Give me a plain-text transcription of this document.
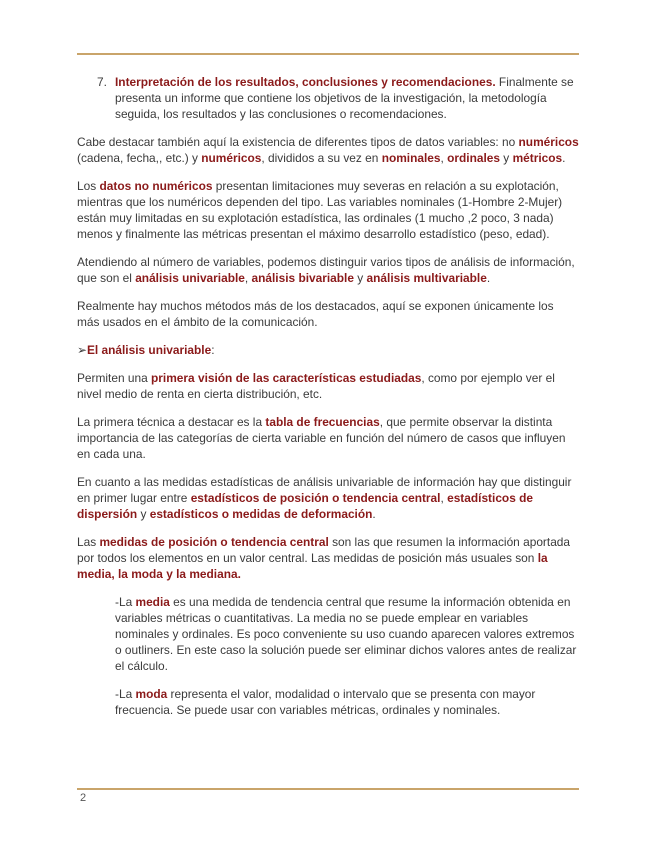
7. Interpretación de los resultados, conclusiones y recomendaciones. Finalmente se presenta un informe que contiene los objetivos de la investigación, la metodología seguida, los resultados y las conclusiones o recomendaciones.

Cabe destacar también aquí la existencia de diferentes tipos de datos variables: no numéricos (cadena, fecha,, etc.) y numéricos, divididos a su vez en nominales, ordinales y métricos.

Los datos no numéricos presentan limitaciones muy severas en relación a su explotación, mientras que los numéricos dependen del tipo. Las variables nominales (1-Hombre 2-Mujer) están muy limitadas en su explotación estadística, las ordinales (1 mucho ,2 poco, 3 nada) menos y finalmente las métricas presentan el máximo desarrollo estadístico (peso, edad).

Atendiendo al número de variables, podemos distinguir varios tipos de análisis de información, que son el análisis univariable, análisis bivariable y análisis multivariable.

Realmente hay muchos métodos más de los destacados, aquí se exponen únicamente los más usados en el ámbito de la comunicación.

➢El análisis univariable:

Permiten una primera visión de las características estudiadas, como por ejemplo ver el nivel medio de renta en cierta distribución, etc.

La primera técnica a destacar es la tabla de frecuencias, que permite observar la distinta importancia de las categorías de cierta variable en función del número de casos que influyen en cada una.

En cuanto a las medidas estadísticas de análisis univariable de información hay que distinguir en primer lugar entre estadísticos de posición o tendencia central, estadísticos de dispersión y estadísticos o medidas de deformación.

Las medidas de posición o tendencia central son las que resumen la información aportada por todos los elementos en un valor central. Las medidas de posición más usuales son la media, la moda y la mediana.

-La media es una medida de tendencia central que resume la información obtenida en variables métricas o cuantitativas. La media no se puede emplear en variables nominales y ordinales. Es poco conveniente su uso cuando aparecen valores extremos o outliners. En este caso la solución puede ser eliminar dichos valores antes de realizar el cálculo.
-La moda representa el valor, modalidad o intervalo que se presenta con mayor frecuencia. Se puede usar con variables métricas, ordinales y nominales.
2
